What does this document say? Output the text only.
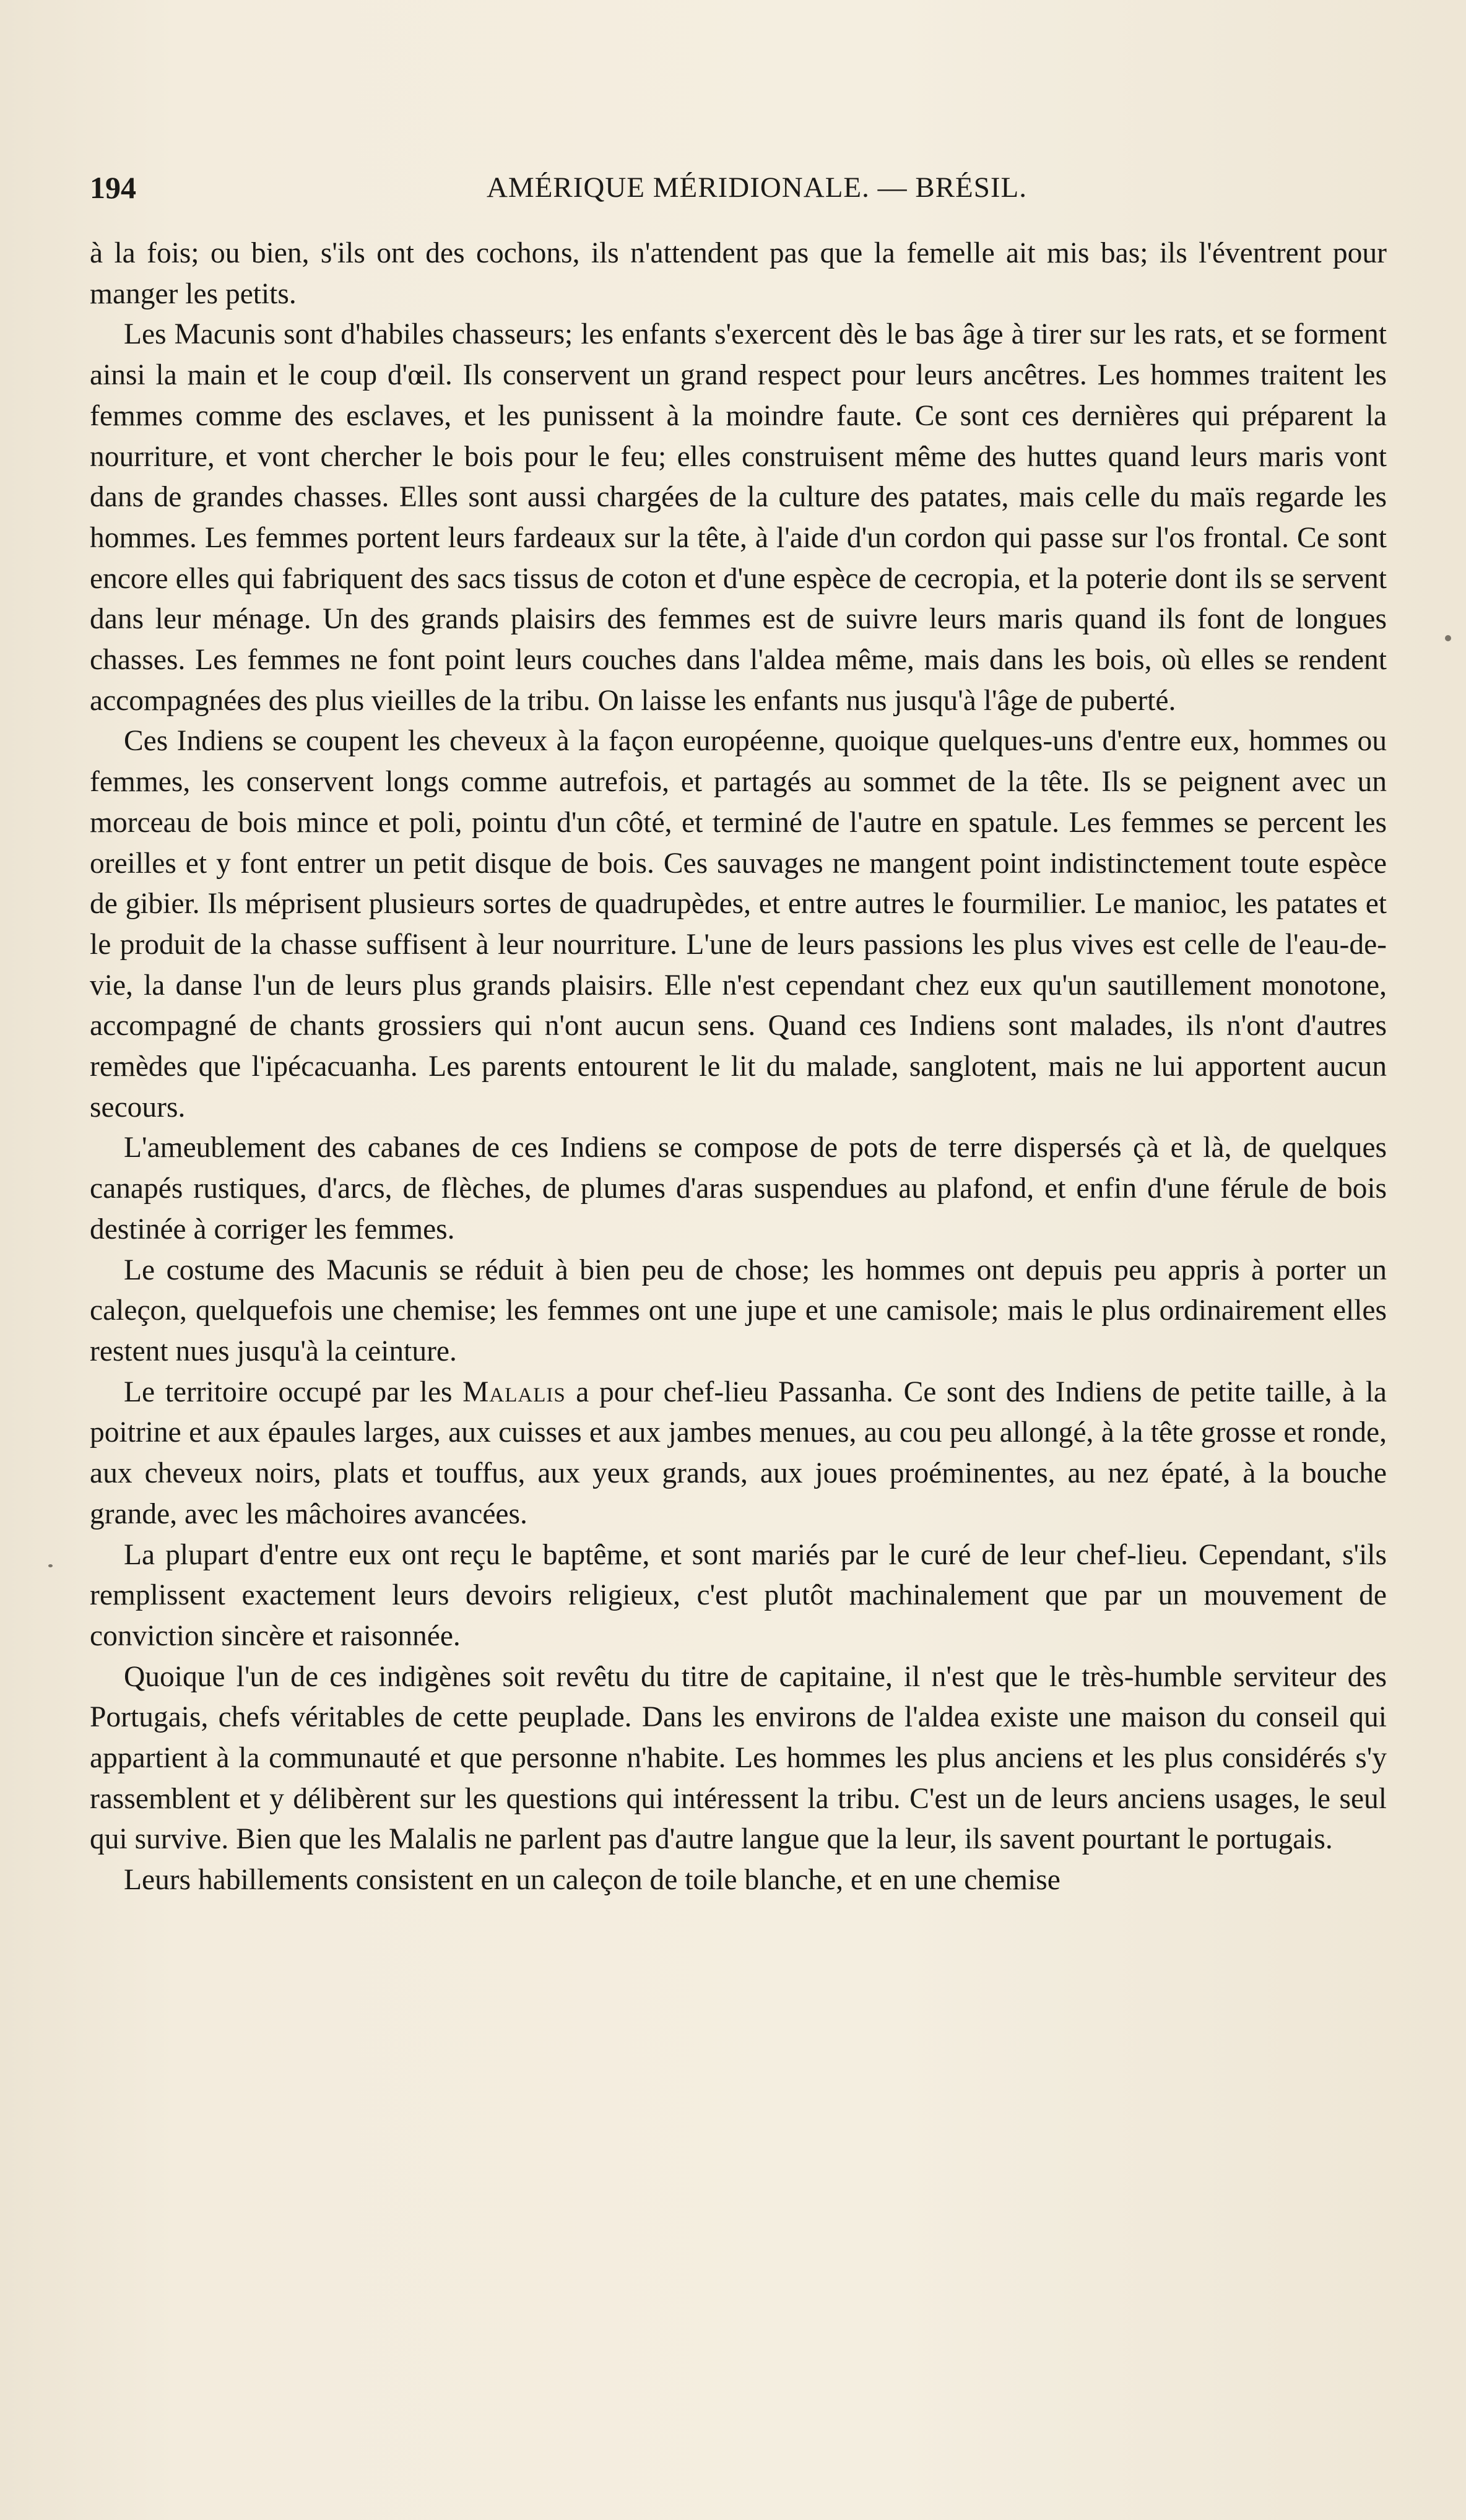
194	AMÉRIQUE MÉRIDIONALE. — BRÉSIL.

à la fois; ou bien, s'ils ont des cochons, ils n'attendent pas que la femelle ait mis bas; ils l'éventrent pour manger les petits.

Les Macunis sont d'habiles chasseurs; les enfants s'exercent dès le bas âge à tirer sur les rats, et se forment ainsi la main et le coup d'œil. Ils conservent un grand respect pour leurs ancêtres. Les hommes traitent les femmes comme des esclaves, et les punissent à la moindre faute. Ce sont ces dernières qui préparent la nourriture, et vont chercher le bois pour le feu; elles construisent même des huttes quand leurs maris vont dans de grandes chasses. Elles sont aussi chargées de la culture des patates, mais celle du maïs regarde les hommes. Les femmes portent leurs fardeaux sur la tête, à l'aide d'un cordon qui passe sur l'os frontal. Ce sont encore elles qui fabriquent des sacs tissus de coton et d'une espèce de cecropia, et la poterie dont ils se servent dans leur ménage. Un des grands plaisirs des femmes est de suivre leurs maris quand ils font de longues chasses. Les femmes ne font point leurs couches dans l'aldea même, mais dans les bois, où elles se rendent accompagnées des plus vieilles de la tribu. On laisse les enfants nus jusqu'à l'âge de puberté.

Ces Indiens se coupent les cheveux à la façon européenne, quoique quelques-uns d'entre eux, hommes ou femmes, les conservent longs comme autrefois, et partagés au sommet de la tête. Ils se peignent avec un morceau de bois mince et poli, pointu d'un côté, et terminé de l'autre en spatule. Les femmes se percent les oreilles et y font entrer un petit disque de bois. Ces sauvages ne mangent point indistinctement toute espèce de gibier. Ils méprisent plusieurs sortes de quadrupèdes, et entre autres le fourmilier. Le manioc, les patates et le produit de la chasse suffisent à leur nourriture. L'une de leurs passions les plus vives est celle de l'eau-de-vie, la danse l'un de leurs plus grands plaisirs. Elle n'est cependant chez eux qu'un sautillement monotone, accompagné de chants grossiers qui n'ont aucun sens. Quand ces Indiens sont malades, ils n'ont d'autres remèdes que l'ipécacuanha. Les parents entourent le lit du malade, sanglotent, mais ne lui apportent aucun secours.

L'ameublement des cabanes de ces Indiens se compose de pots de terre dispersés çà et là, de quelques canapés rustiques, d'arcs, de flèches, de plumes d'aras suspendues au plafond, et enfin d'une férule de bois destinée à corriger les femmes.

Le costume des Macunis se réduit à bien peu de chose; les hommes ont depuis peu appris à porter un caleçon, quelquefois une chemise; les femmes ont une jupe et une camisole; mais le plus ordinairement elles restent nues jusqu'à la ceinture.

Le territoire occupé par les Malalis a pour chef-lieu Passanha. Ce sont des Indiens de petite taille, à la poitrine et aux épaules larges, aux cuisses et aux jambes menues, au cou peu allongé, à la tête grosse et ronde, aux cheveux noirs, plats et touffus, aux yeux grands, aux joues proéminentes, au nez épaté, à la bouche grande, avec les mâchoires avancées.

La plupart d'entre eux ont reçu le baptême, et sont mariés par le curé de leur chef-lieu. Cependant, s'ils remplissent exactement leurs devoirs religieux, c'est plutôt machinalement que par un mouvement de conviction sincère et raisonnée.

Quoique l'un de ces indigènes soit revêtu du titre de capitaine, il n'est que le très-humble serviteur des Portugais, chefs véritables de cette peuplade. Dans les environs de l'aldea existe une maison du conseil qui appartient à la communauté et que personne n'habite. Les hommes les plus anciens et les plus considérés s'y rassemblent et y délibèrent sur les questions qui intéressent la tribu. C'est un de leurs anciens usages, le seul qui survive. Bien que les Malalis ne parlent pas d'autre langue que la leur, ils savent pourtant le portugais.

Leurs habillements consistent en un caleçon de toile blanche, et en une chemise
